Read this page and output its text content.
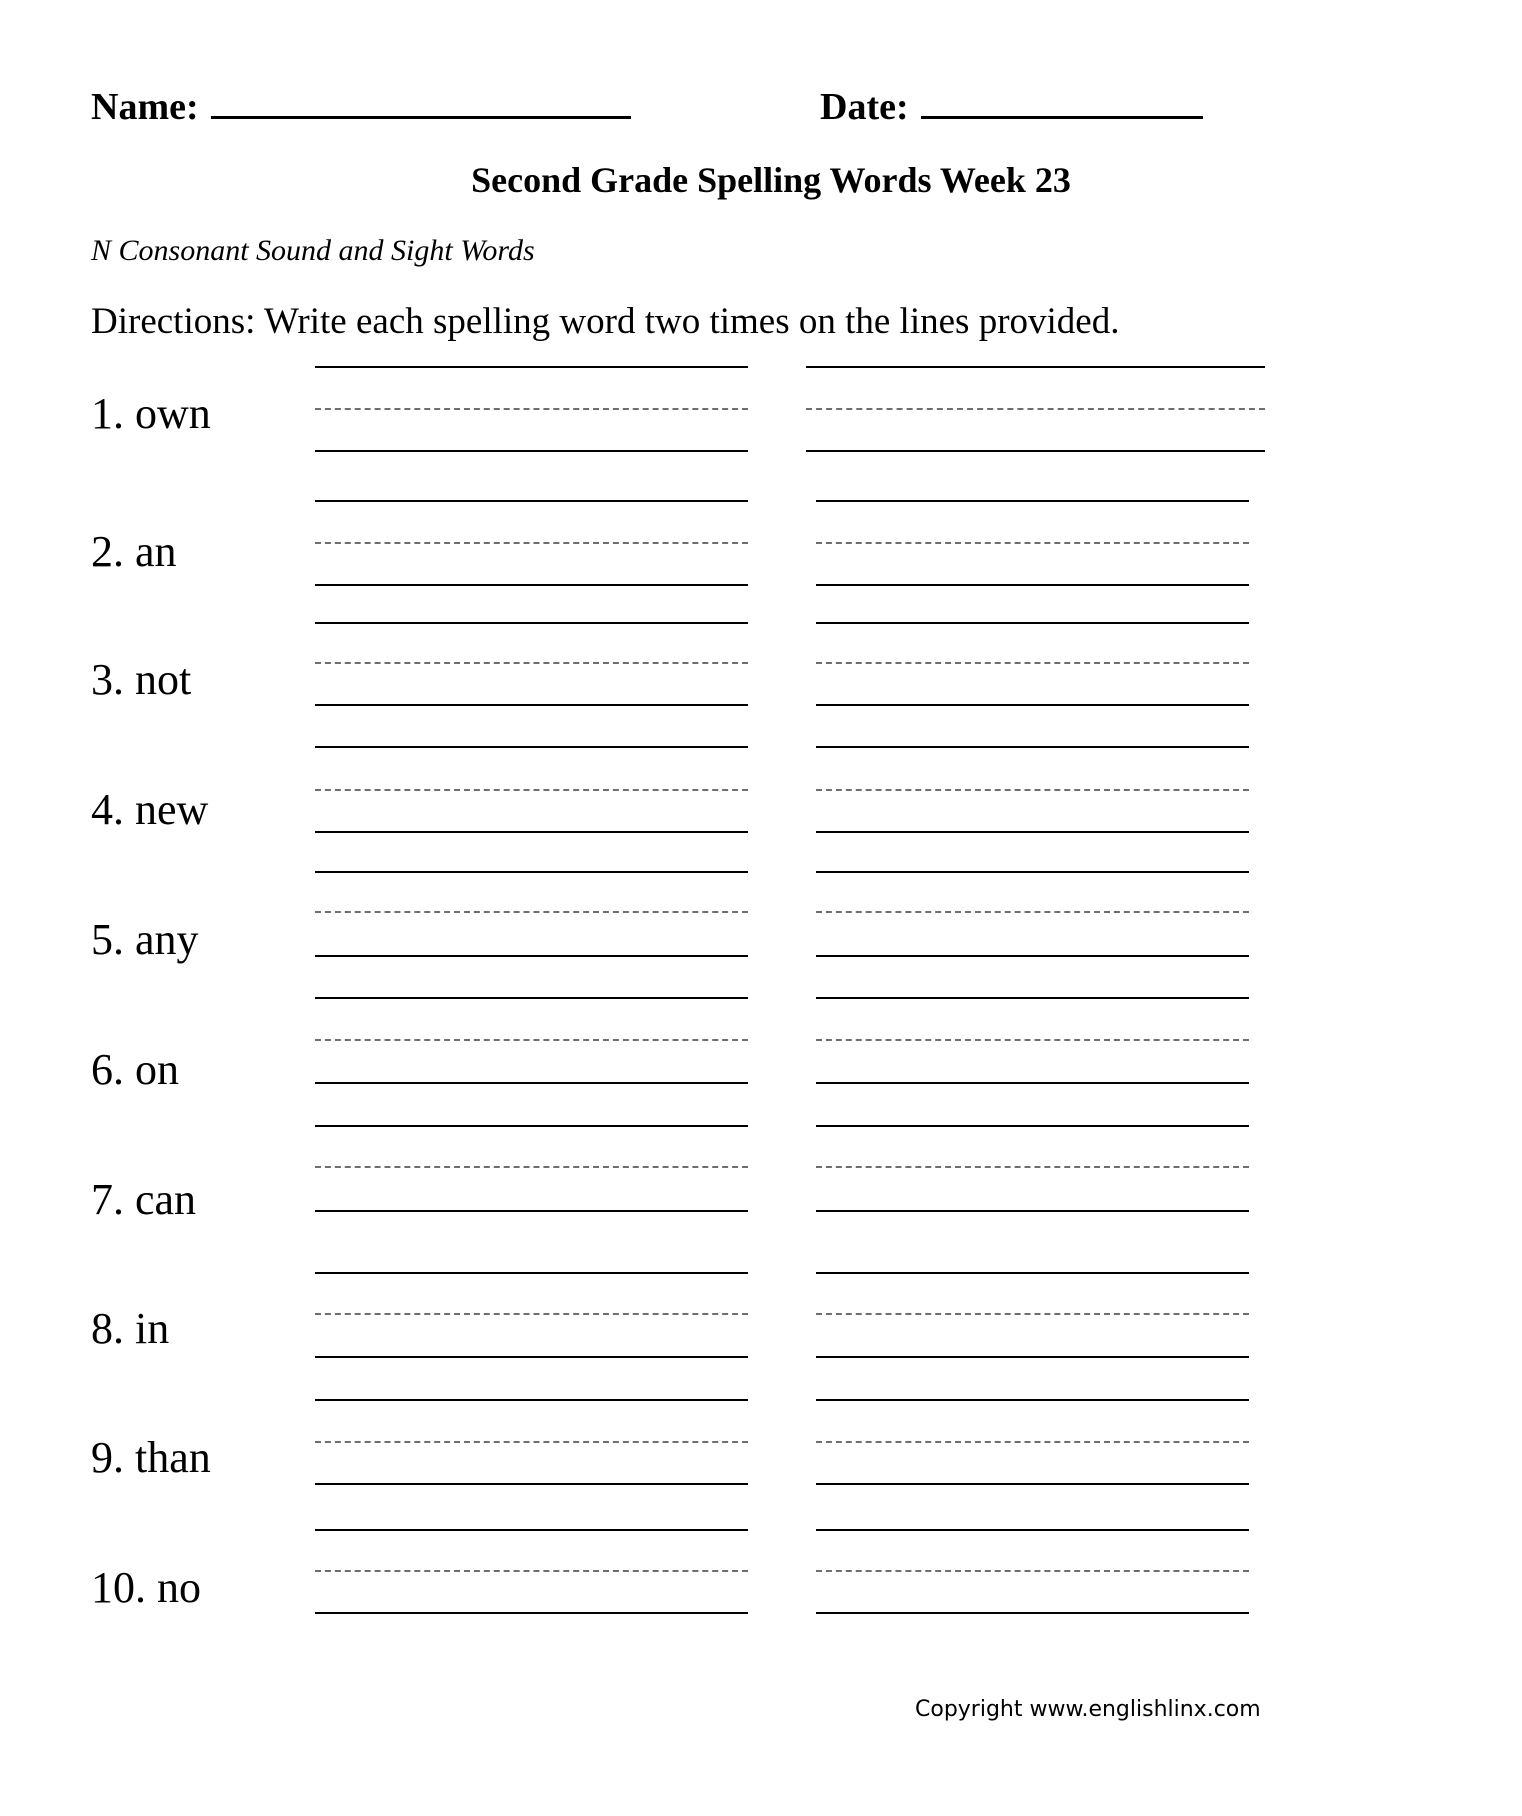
Name:	Date:
Second Grade Spelling Words Week 23
N Consonant Sound and Sight Words
Directions: Write each spelling word two times on the lines provided.
1. own
2. an
3. not
4. new
5. any
6. on
7. can
8. in
9. than
10. no
Copyright www.englishlinx.com
